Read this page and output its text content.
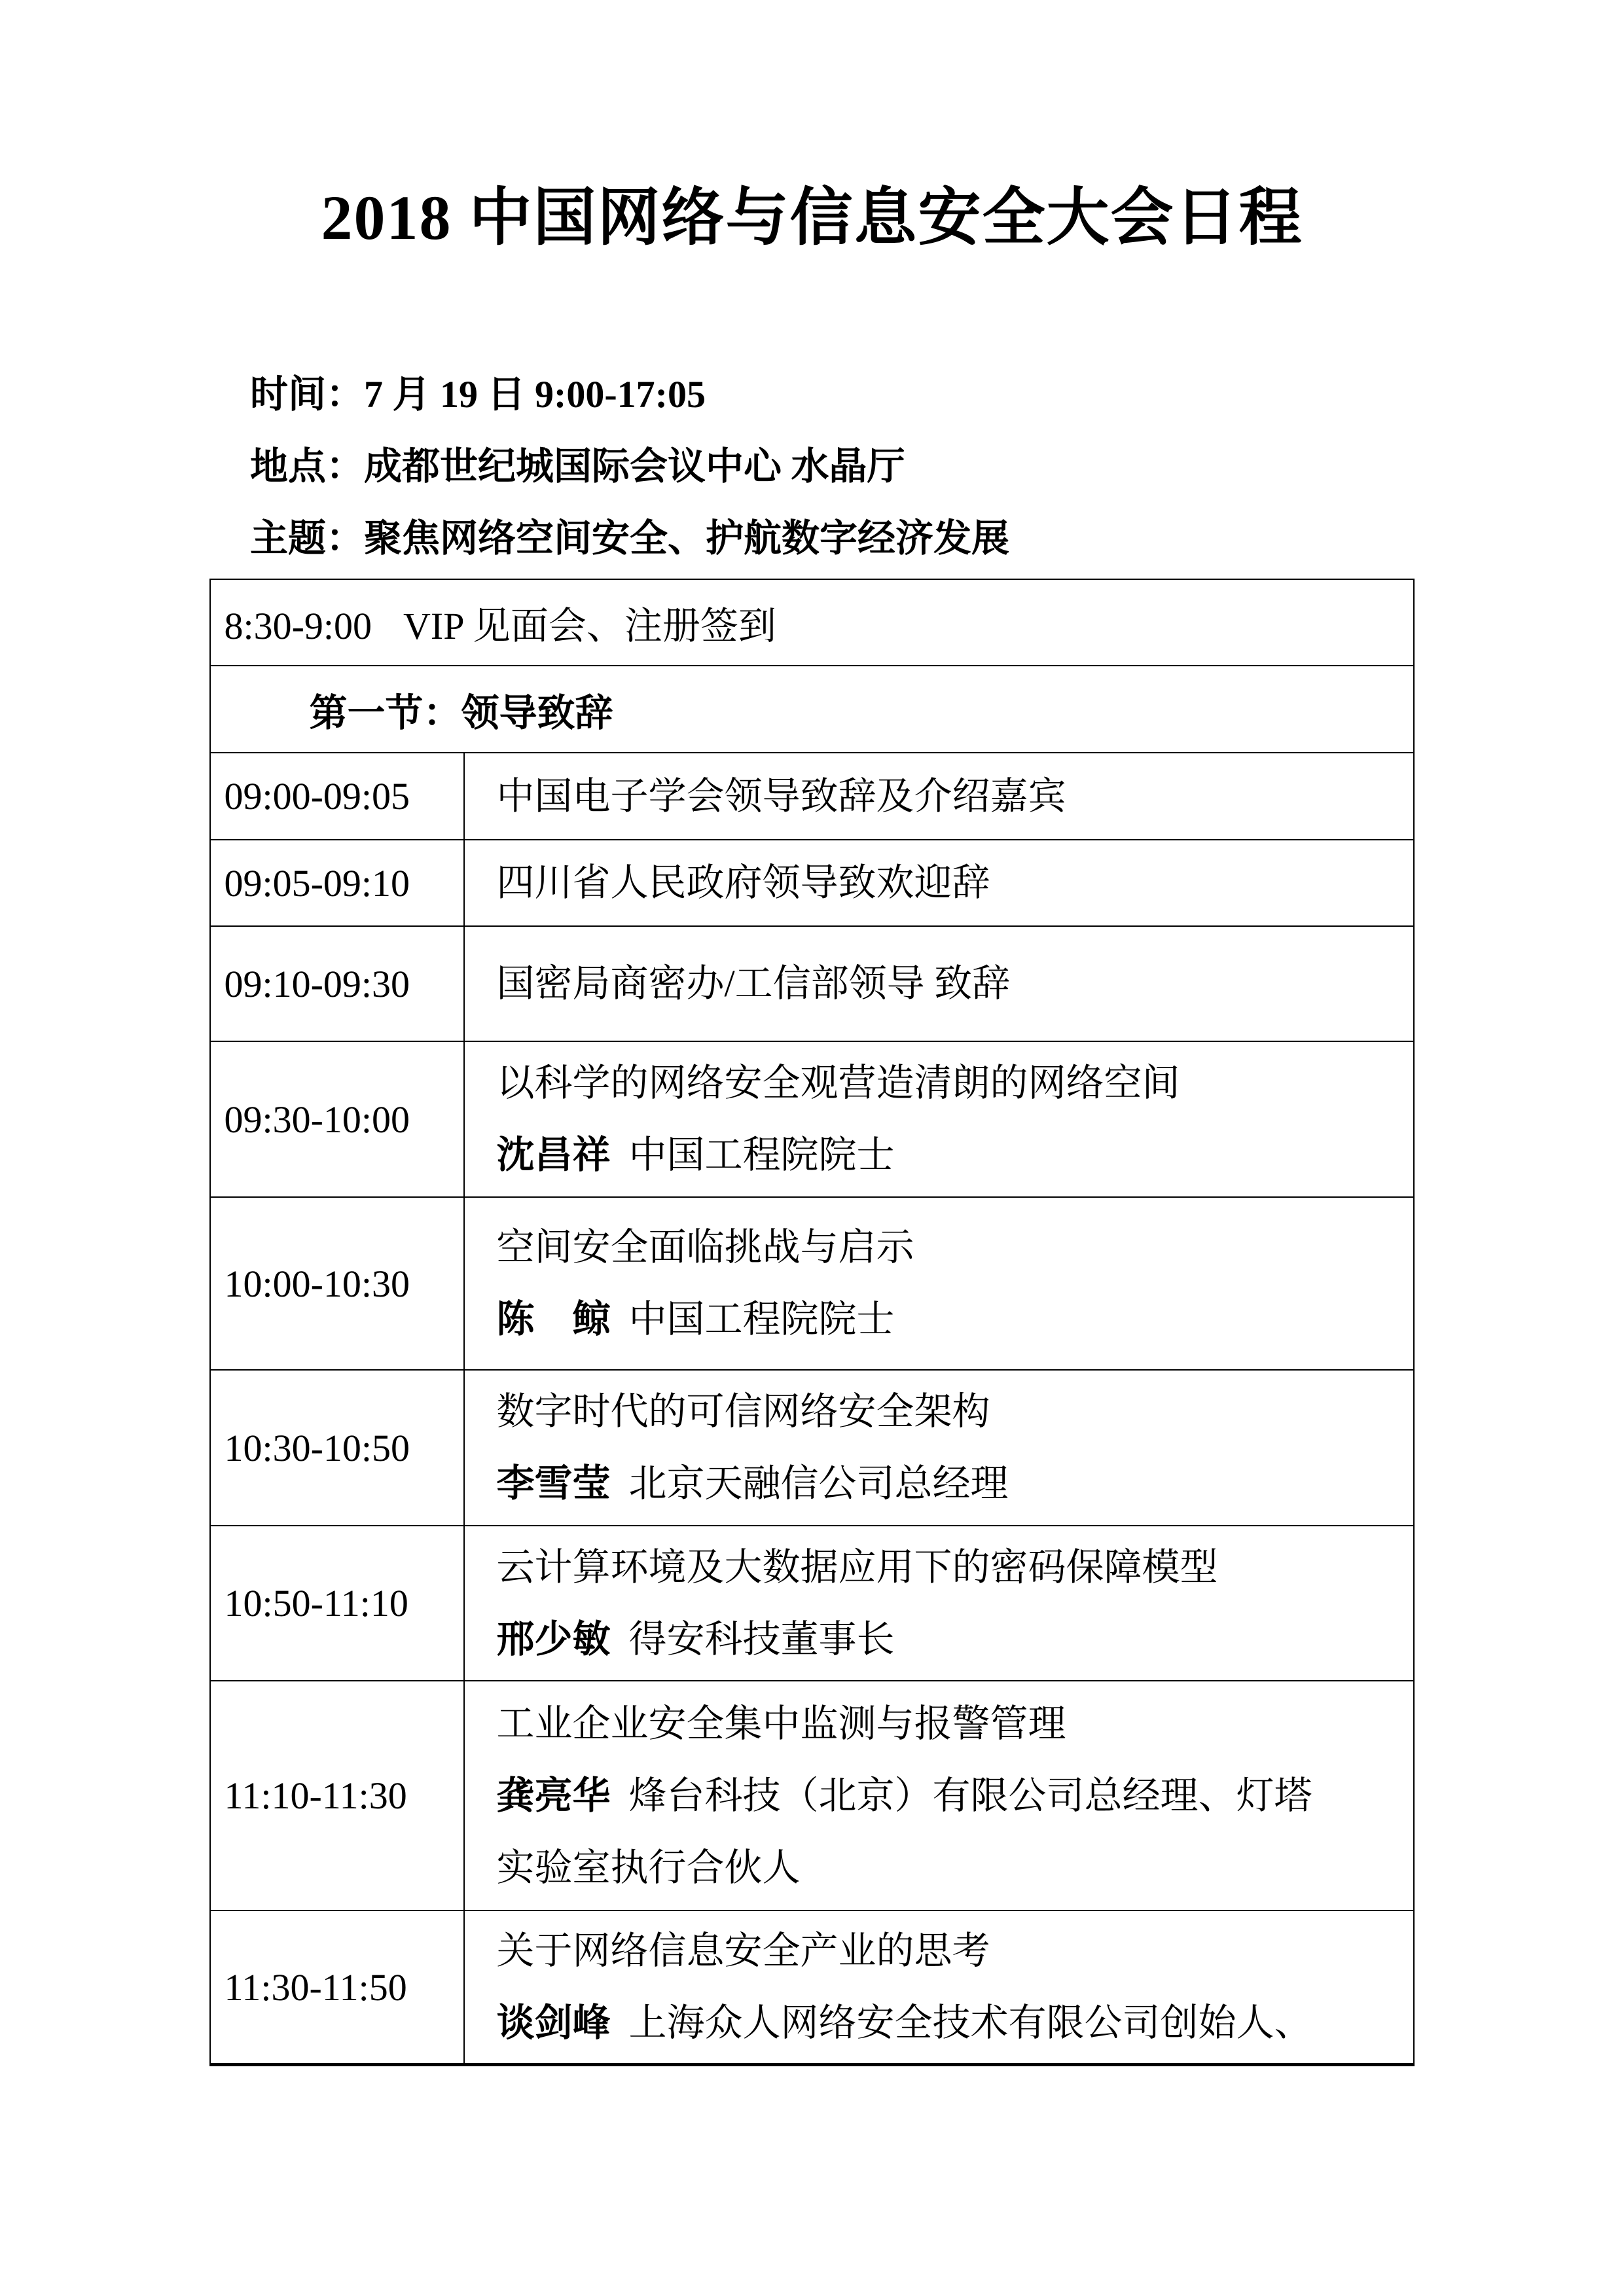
2018 中国网络与信息安全大会日程
时间：7 月 19 日 9:00-17:05
地点：成都世纪城国际会议中心 水晶厅
主题：聚焦网络空间安全、护航数字经济发展
8:30-9:00 VIP 见面会、注册签到	
第一节：领导致辞	
09:00-09:05	中国电子学会领导致辞及介绍嘉宾

09:05-09:10	四川省人民政府领导致欢迎辞

09:10-09:30	国密局商密办/工信部领导 致辞

09:30-10:00	以科学的网络安全观营造清朗的网络空间
沈昌祥 中国工程院院士

10:00-10:30	空间安全面临挑战与启示
陈　鲸 中国工程院院士

10:30-10:50	数字时代的可信网络安全架构
李雪莹 北京天融信公司总经理

10:50-11:10	云计算环境及大数据应用下的密码保障模型
邢少敏 得安科技董事长

11:10-11:30	工业企业安全集中监测与报警管理
龚亮华 烽台科技（北京）有限公司总经理、灯塔实验室执行合伙人

11:30-11:50	关于网络信息安全产业的思考
谈剑峰 上海众人网络安全技术有限公司创始人、
